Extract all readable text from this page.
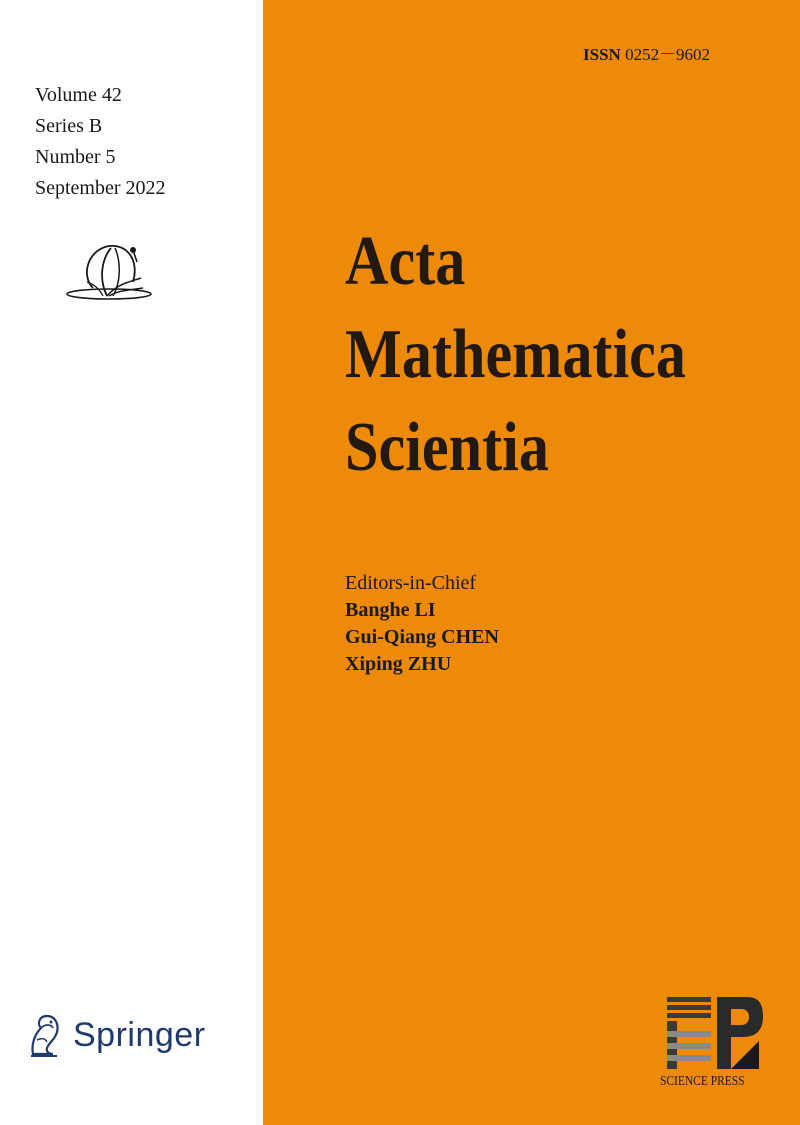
Volume 42
Series B
Number 5
September 2022
Springer
ISSN 0252－9602
Acta
Mathematica
Scientia
Editors-in-Chief
Banghe LI
Gui-Qiang CHEN
Xiping ZHU
SCIENCE PRESS
